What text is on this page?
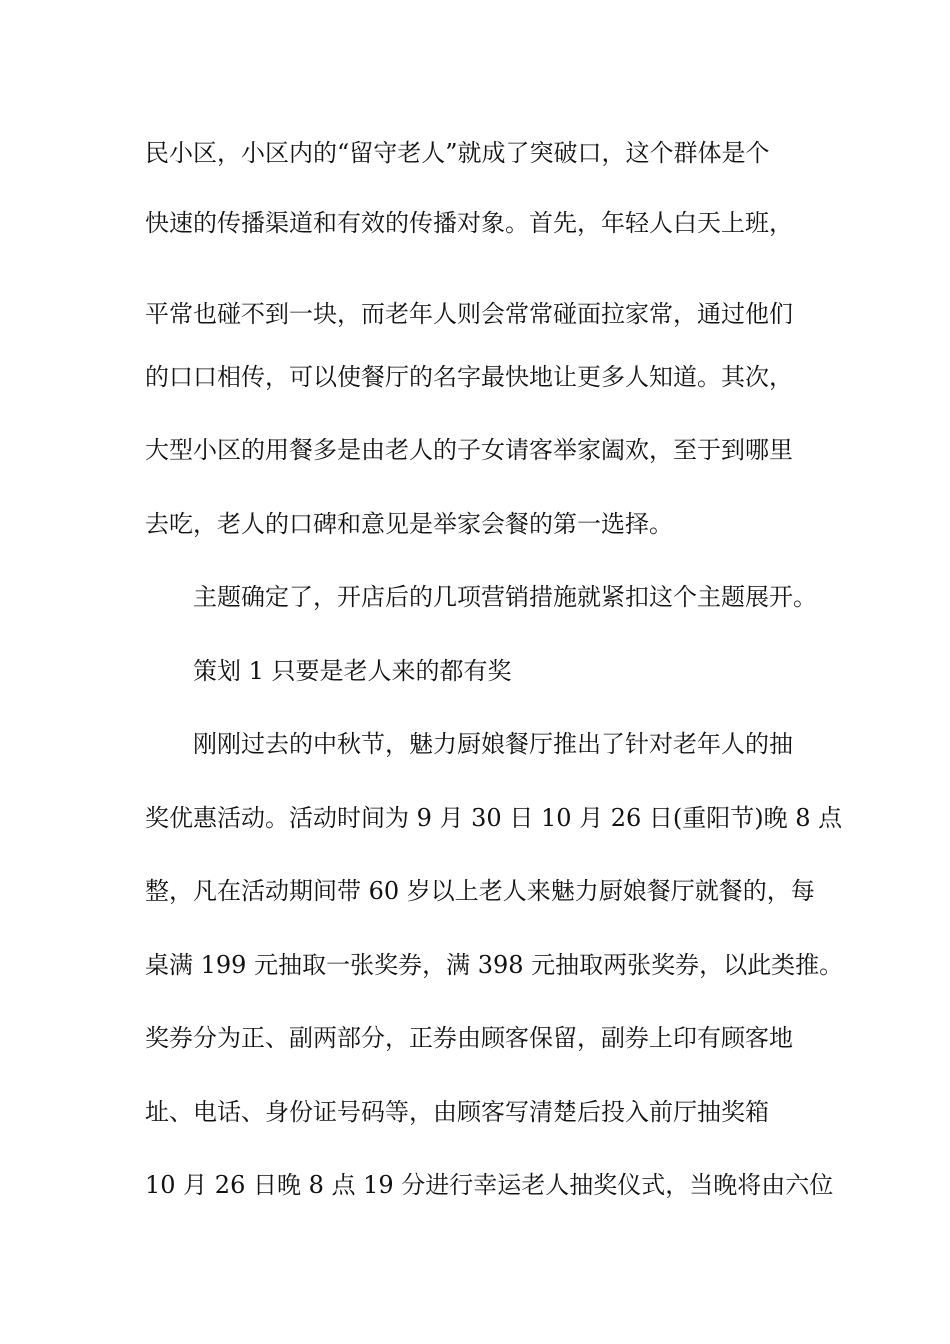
民小区，小区内的“留守老人”就成了突破口，这个群体是个
快速的传播渠道和有效的传播对象。首先，年轻人白天上班，
平常也碰不到一块，而老年人则会常常碰面拉家常，通过他们
的口口相传，可以使餐厅的名字最快地让更多人知道。其次，
大型小区的用餐多是由老人的子女请客举家阖欢，至于到哪里
去吃，老人的口碑和意见是举家会餐的第一选择。
主题确定了，开店后的几项营销措施就紧扣这个主题展开。
策划 1 只要是老人来的都有奖
刚刚过去的中秋节，魅力厨娘餐厅推出了针对老年人的抽
奖优惠活动。活动时间为 9 月 30 日 10 月 26 日(重阳节)晚 8 点
整，凡在活动期间带 60 岁以上老人来魅力厨娘餐厅就餐的，每
桌满 199 元抽取一张奖券，满 398 元抽取两张奖券，以此类推。
奖券分为正、副两部分，正券由顾客保留，副券上印有顾客地
址、电话、身份证号码等，由顾客写清楚后投入前厅抽奖箱
10 月 26 日晚 8 点 19 分进行幸运老人抽奖仪式，当晚将由六位
